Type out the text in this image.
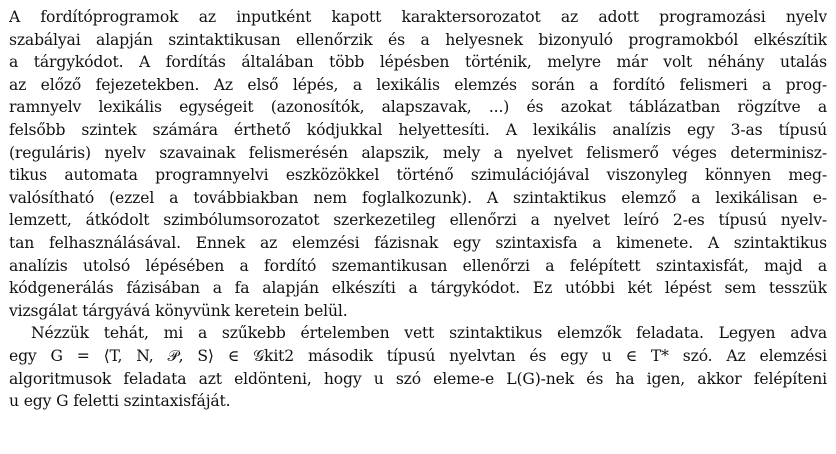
A fordítóprogramok az inputként kapott karaktersorozatot az adott programozási nyelv
szabályai alapján szintaktikusan ellenőrzik és a helyesnek bizonyuló programokból elkészítik
a tárgykódot. A fordítás általában több lépésben történik, melyre már volt néhány utalás
az előző fejezetekben. Az első lépés, a lexikális elemzés során a fordító felismeri a prog-
ramnyelv lexikális egységeit (azonosítók, alapszavak, ...) és azokat táblázatban rögzítve a
felsőbb szintek számára érthető kódjukkal helyettesíti. A lexikális analízis egy 3-as típusú
(reguláris) nyelv szavainak felismerésén alapszik, mely a nyelvet felismerő véges determinisz-
tikus automata programnyelvi eszközökkel történő szimulációjával viszonyleg könnyen meg-
valósítható (ezzel a továbbiakban nem foglalkozunk). A szintaktikus elemző a lexikálisan e-
lemzett, átkódolt szimbólumsorozatot szerkezetileg ellenőrzi a nyelvet leíró 2-es típusú nyelv-
tan felhasználásával. Ennek az elemzési fázisnak egy szintaxisfa a kimenete. A szintaktikus
analízis utolsó lépésében a fordító szemantikusan ellenőrzi a felépített szintaxisfát, majd a
kódgenerálás fázisában a fa alapján elkészíti a tárgykódot. Ez utóbbi két lépést sem tesszük
vizsgálat tárgyává könyvünk keretein belül.
Nézzük tehát, mi a szűkebb értelemben vett szintaktikus elemzők feladata. Legyen adva
egy G = ⟨T, N, 𝒫, S⟩ ∈ 𝒢kit2 második típusú nyelvtan és egy u ∈ T* szó. Az elemzési
algoritmusok feladata azt eldönteni, hogy u szó eleme-e L(G)-nek és ha igen, akkor felépíteni
u egy G feletti szintaxisfáját.
